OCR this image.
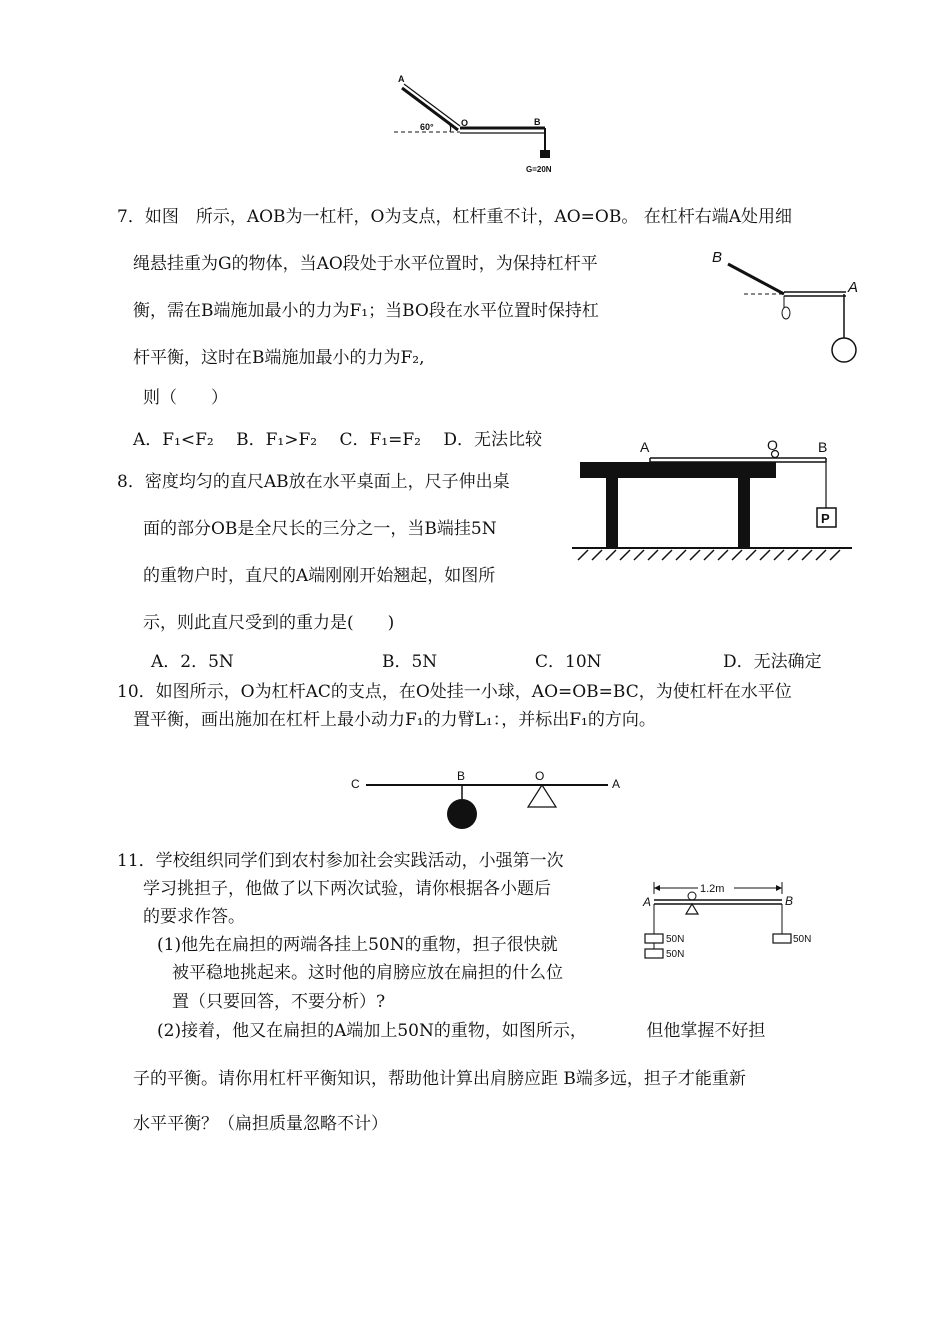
A
O	B
60°
G=20N
7．如图　所示，AOB为一杠杆，O为支点，杠杆重不计，AO=OB。 在杠杆右端A处用细
绳悬挂重为G的物体，当AO段处于水平位置时，为保持杠杆平
衡，需在B端施加最小的力为F₁；当BO段在水平位置时保持杠
杆平衡，这时在B端施加最小的力为F₂,
则（　　）
A．F₁<F₂　 B．F₁>F₂　 C．F₁=F₂　 D．无法比较
B
A
8．密度均匀的直尺AB放在水平桌面上，尺子伸出桌
面的部分OB是全尺长的三分之一，当B端挂5N
的重物户时，直尺的A端刚刚开始翘起，如图所
示，则此直尺受到的重力是(　　)
A	O	B
P
A．2．5N	B．5N	C．10N	D．无法确定
10．如图所示，O为杠杆AC的支点，在O处挂一小球，AO=OB=BC，为使杠杆在水平位
置平衡，画出施加在杠杆上最小动力F₁的力臂L₁：，并标出F₁的方向。
C
B	O
A
11．学校组织同学们到农村参加社会实践活动，小强第一次
学习挑担子，他做了以下两次试验，请你根据各小题后
的要求作答。
(1)他先在扁担的两端各挂上50N的重物，担子很快就
被平稳地挑起来。这时他的肩膀应放在扁担的什么位
置（只要回答，不要分析）?
(2)接着，他又在扁担的A端加上50N的重物，如图所示，　　　　但他掌握不好担
子的平衡。请你用杠杆平衡知识，帮助他计算出肩膀应距 B端多远，担子才能重新
水平平衡？（扁担质量忽略不计）
1.2m
A	B
50N
50N
50N
